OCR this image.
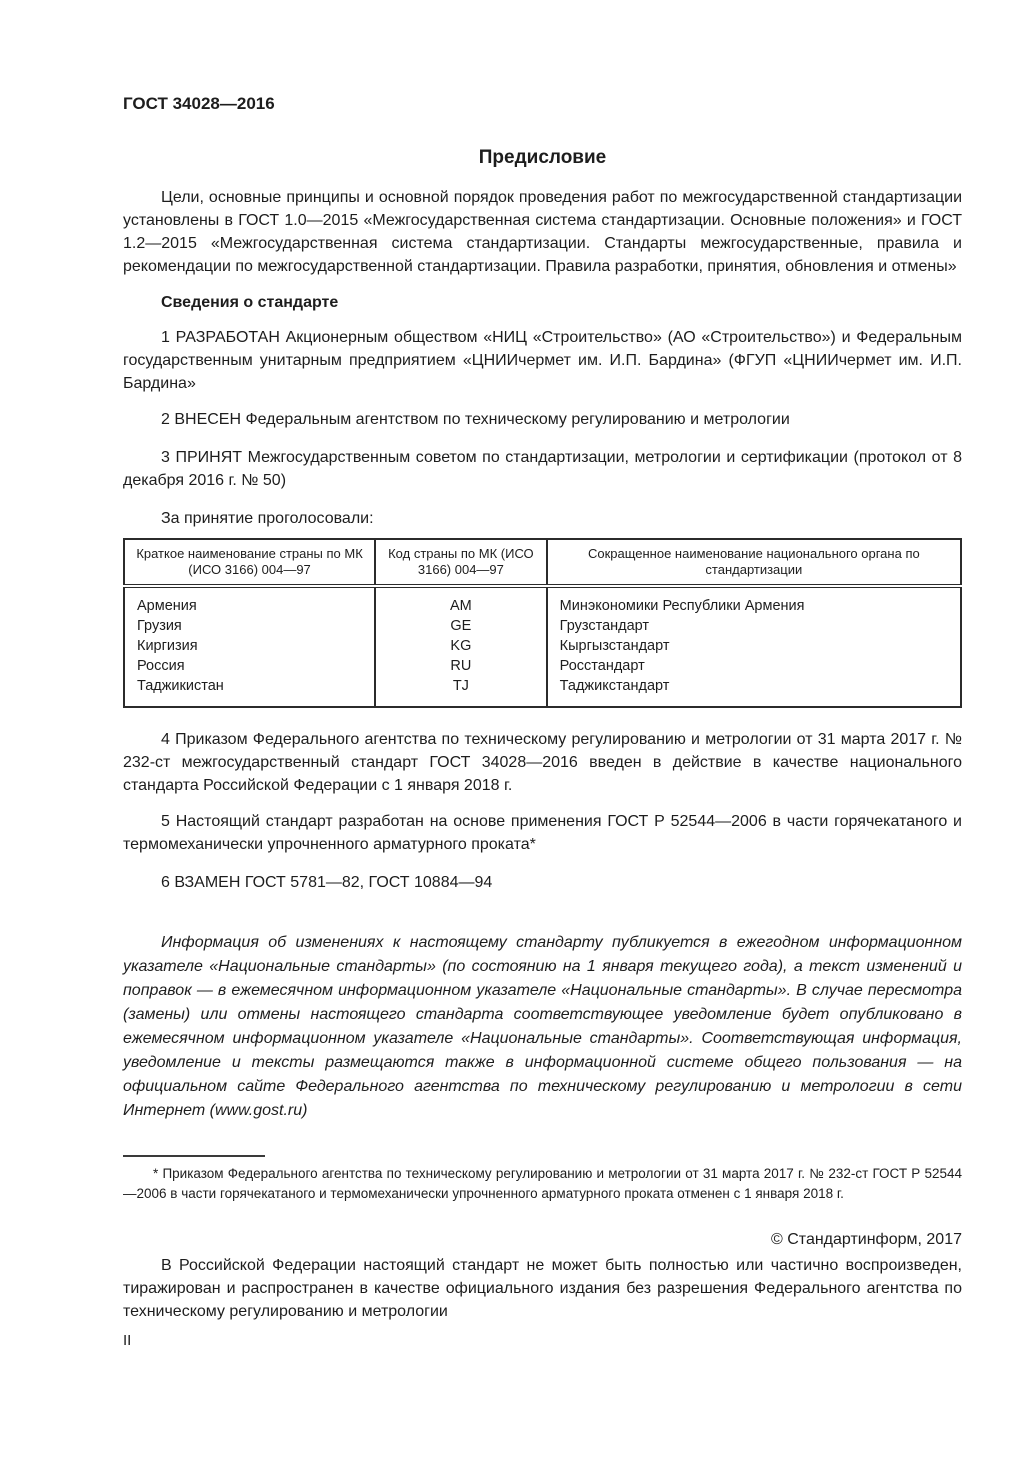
ГОСТ 34028—2016

Предисловие

Цели, основные принципы и основной порядок проведения работ по межгосударственной стандартизации установлены в ГОСТ 1.0—2015 «Межгосударственная система стандартизации. Основные положения» и ГОСТ 1.2—2015 «Межгосударственная система стандартизации. Стандарты межгосударственные, правила и рекомендации по межгосударственной стандартизации. Правила разработки, принятия, обновления и отмены»

Сведения о стандарте

1 РАЗРАБОТАН Акционерным обществом «НИЦ «Строительство» (АО «Строительство») и Федеральным государственным унитарным предприятием «ЦНИИчермет им. И.П. Бардина» (ФГУП «ЦНИИчермет им. И.П. Бардина»

2 ВНЕСЕН Федеральным агентством по техническому регулированию и метрологии

3 ПРИНЯТ Межгосударственным советом по стандартизации, метрологии и сертификации (протокол от 8 декабря 2016 г. № 50)

За принятие проголосовали:

Краткое наименование страны по МК (ИСО 3166) 004—97	Код страны по МК (ИСО 3166) 004—97	Сокращенное наименование национального органа по стандартизации
Армения	AM	Минэкономики Республики Армения
Грузия	GE	Грузстандарт
Киргизия	KG	Кыргызстандарт
Россия	RU	Росстандарт
Таджикистан	TJ	Таджикстандарт

4 Приказом Федерального агентства по техническому регулированию и метрологии от 31 марта 2017 г. № 232-ст межгосударственный стандарт ГОСТ 34028—2016 введен в действие в качестве национального стандарта Российской Федерации с 1 января 2018 г.

5 Настоящий стандарт разработан на основе применения ГОСТ Р 52544—2006 в части горячекатаного и термомеханически упрочненного арматурного проката*

6 ВЗАМЕН ГОСТ 5781—82, ГОСТ 10884—94

Информация об изменениях к настоящему стандарту публикуется в ежегодном информационном указателе «Национальные стандарты» (по состоянию на 1 января текущего года), а текст изменений и поправок — в ежемесячном информационном указателе «Национальные стандарты». В случае пересмотра (замены) или отмены настоящего стандарта соответствующее уведомление будет опубликовано в ежемесячном информационном указателе «Национальные стандарты». Соответствующая информация, уведомление и тексты размещаются также в информационной системе общего пользования — на официальном сайте Федерального агентства по техническому регулированию и метрологии в сети Интернет (www.gost.ru)

* Приказом Федерального агентства по техническому регулированию и метрологии от 31 марта 2017 г. № 232-ст ГОСТ Р 52544—2006 в части горячекатаного и термомеханически упрочненного арматурного проката отменен с 1 января 2018 г.

© Стандартинформ, 2017

В Российской Федерации настоящий стандарт не может быть полностью или частично воспроизведен, тиражирован и распространен в качестве официального издания без разрешения Федерального агентства по техническому регулированию и метрологии

II
